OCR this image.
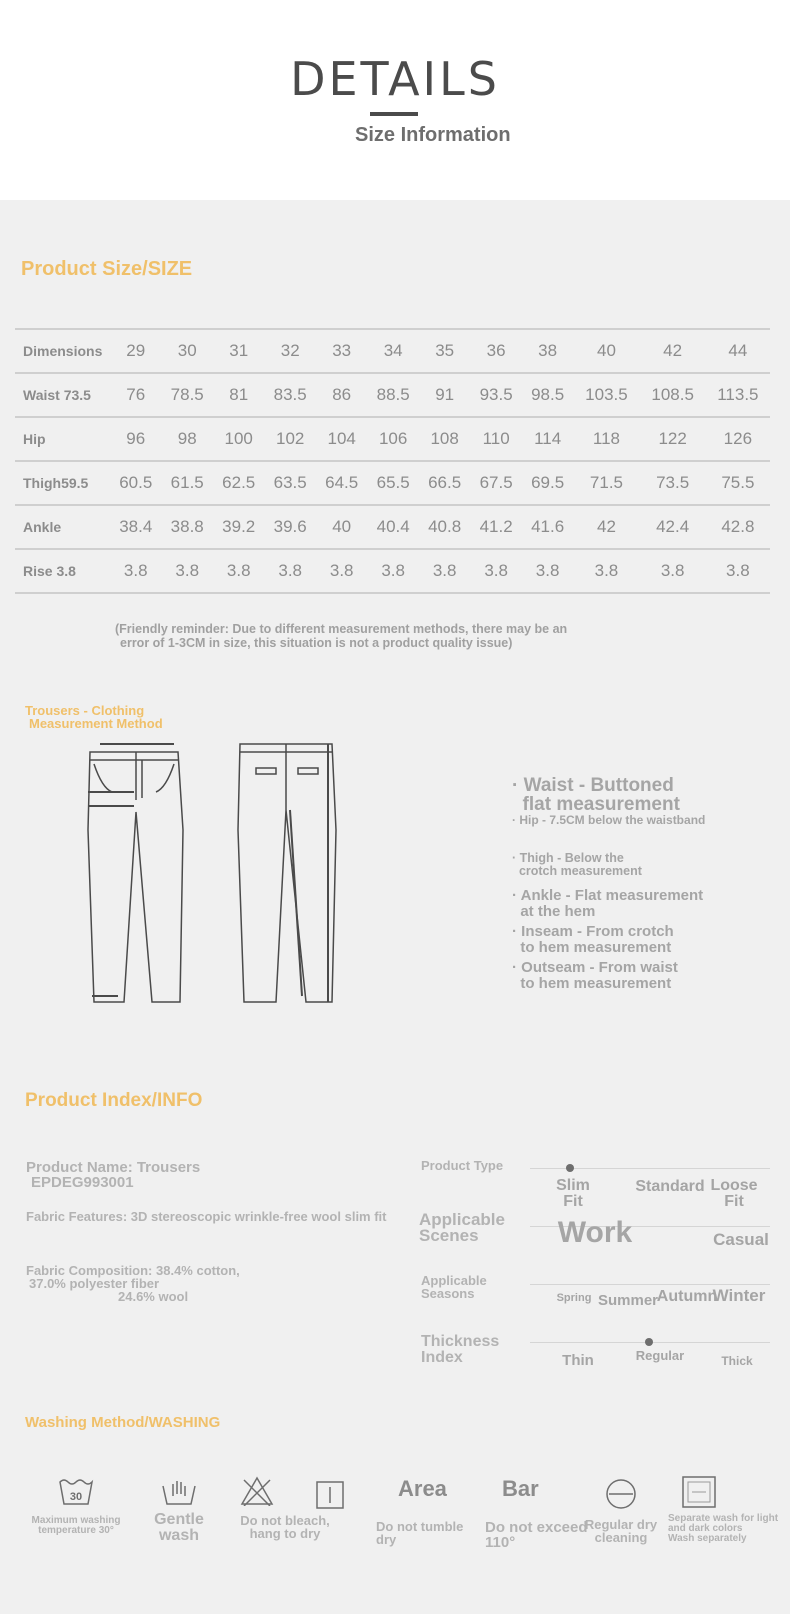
DETAILS
Size Information
Product Size/SIZE
Dimensions	29	30	31	32	33	34	35	36	38	40	42	44
Waist 73.5	76	78.5	81	83.5	86	88.5	91	93.5	98.5	103.5	108.5	113.5
Hip	96	98	100	102	104	106	108	110	114	118	122	126
Thigh59.5	60.5	61.5	62.5	63.5	64.5	65.5	66.5	67.5	69.5	71.5	73.5	75.5
Ankle	38.4	38.8	39.2	39.6	40	40.4	40.8	41.2	41.6	42	42.4	42.8
Rise 3.8	3.8	3.8	3.8	3.8	3.8	3.8	3.8	3.8	3.8	3.8	3.8	3.8
(Friendly reminder: Due to different measurement methods, there may be an
error of 1-3CM in size, this situation is not a product quality issue)
Trousers - Clothing
Measurement Method
· Waist - Buttoned
flat measurement
· Hip - 7.5CM below the waistband
· Thigh - Below the
crotch measurement
· Ankle - Flat measurement
at the hem
· Inseam - From crotch
to hem measurement
· Outseam - From waist
to hem measurement
Product Index/INFO
Product Name: Trousers
EPDEG993001
Fabric Features: 3D stereoscopic wrinkle-free wool slim fit
Fabric Composition: 38.4% cotton,
37.0% polyester fiber
24.6% wool
Product Type
Slim Fit
Standard Loose Fit
Applicable Scenes	Work	Casual
Applicable Seasons	Spring Summer
Autumn
Winter
Thickness Index	Thin	Regular	Thick
Washing Method/WASHING
30
Maximum washing
temperature 30°
Gentle
wash
Do not bleach,
hang to dry
Area
Do not tumble
dry
Bar
Do not exceed
110°
Regular dry
cleaning
Separate wash for light
and dark colors
Wash separately
